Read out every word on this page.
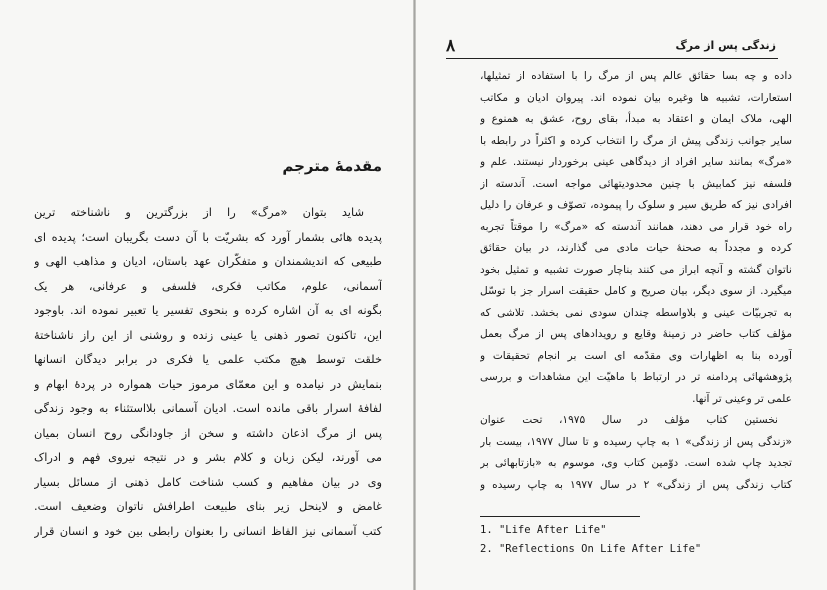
۸	زندگی پس از مرگ

داده و چه بسا حقائق عالم پس از مرگ را با استفاده از تمثیلها،

استعارات، تشبیه ها وغیره بیان نموده اند. پیروان ادیان و مکاتب

الهی، ملاک ایمان و اعتقاد به مبدأ، بقای روح، عشق به همنوع و

سایر جوانب زندگی پیش از مرگ را انتخاب کرده و اکثراً در رابطه با

«مرگ» بمانند سایر افراد از دیدگاهی عینی برخوردار نیستند. علم و

فلسفه نیز کمابیش با چنین محدودیتهائی مواجه است. آندسته از

افرادی نیز که طریق سیر و سلوک را پیموده، تصوّف و عرفان را دلیل

راه خود قرار می دهند، همانند آندسته که «مرگ» را موقتاً تجربه

کرده و مجدداً به صحنهٔ حیات مادی می گذارند، در بیان حقائق

ناتوان گشته و آنچه ابراز می کنند بناچار صورت تشبیه و تمثیل بخود

میگیرد. از سوی دیگر، بیان صریح و کامل حقیقت اسرار جز با توسّل

به تجربیّات عینی و بلاواسطه چندان سودی نمی بخشد. تلاشی که

مؤلف کتاب حاضر در زمینهٔ وقایع و رویدادهای پس از مرگ بعمل

آورده بنا به اظهارات وی مقدّمه ای است بر انجام تحقیقات و

پژوهشهائی پردامنه تر در ارتباط با ماهیّت این مشاهدات و بررسی

علمی تر وعینی تر آنها.

نخستین کتاب مؤلف در سال ۱۹۷۵، تحت عنوان

«زندگی پس از زندگی» ۱ به چاپ رسیده و تا سال ۱۹۷۷، بیست بار

تجدید چاپ شده است. دوّمین کتاب وی، موسوم به «بازتابهائی بر

کتاب زندگی پس از زندگی» ۲ در سال ۱۹۷۷ به چاپ رسیده و

1. "Life After Life"
2. "Reflections On Life After Life"
مقدمهٔ مترجم

شاید بتوان «مرگ» را از بزرگترین و ناشناخته ترین

پدیده هائی بشمار آورد که بشریّت با آن دست بگریبان است؛ پدیده ای

طبیعی که اندیشمندان و متفکّران عهد باستان، ادیان و مذاهب الهی و

آسمانی، علوم، مکاتب فکری، فلسفی و عرفانی، هر یک

بگونه ای به آن اشاره کرده و بنحوی تفسیر یا تعبیر نموده اند. باوجود

این، تاکنون تصور ذهنی یا عینی زنده و روشنی از این راز ناشناختهٔ

خلقت توسط هیچ مکتب علمی یا فکری در برابر دیدگان انسانها

بنمایش در نیامده و این معمّای مرموز حیات همواره در پردهٔ ابهام و

لفافهٔ اسرار باقی مانده است. ادیان آسمانی بلااستثناء به وجود زندگی

پس از مرگ اذعان داشته و سخن از جاودانگی روح انسان بمیان

می آورند، لیکن زبان و کلام بشر و در نتیجه نیروی فهم و ادراک

وی در بیان مفاهیم و کسب شناخت کامل ذهنی از مسائل بسیار

غامض و لاینحل زیر بنای طبیعت اطرافش ناتوان وضعیف است.

کتب آسمانی نیز الفاظ انسانی را بعنوان رابطی بین خود و انسان قرار
